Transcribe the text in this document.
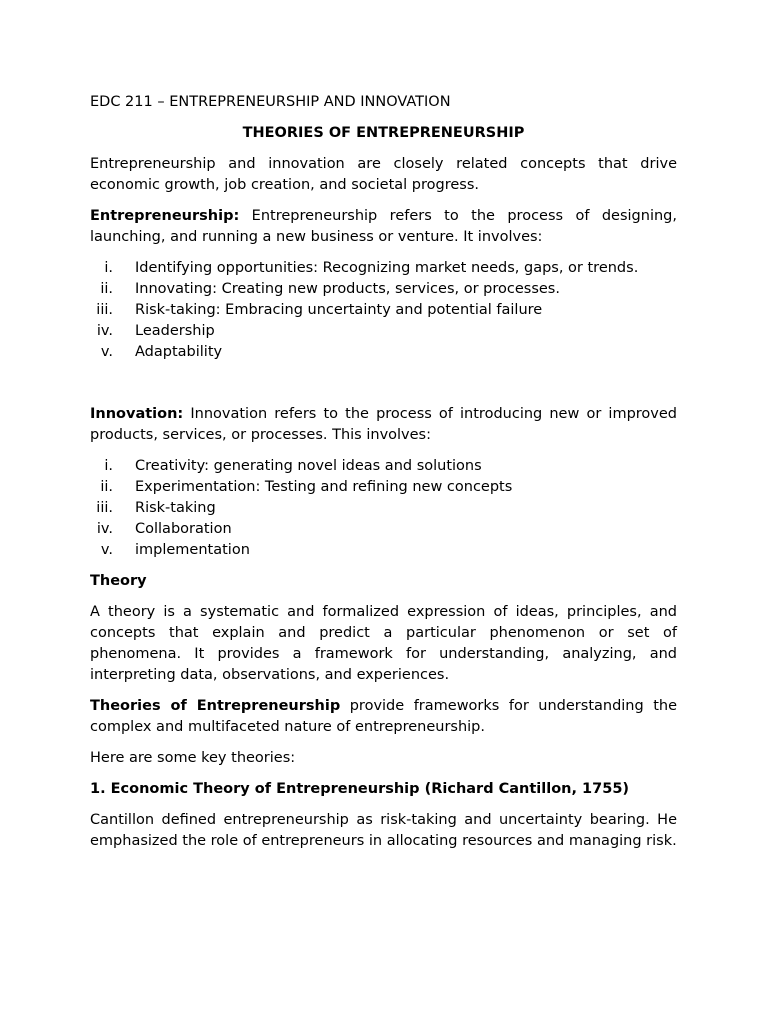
EDC 211 – ENTREPRENEURSHIP AND INNOVATION

THEORIES OF ENTREPRENEURSHIP

Entrepreneurship and innovation are closely related concepts that drive economic growth, job creation, and societal progress.

Entrepreneurship: Entrepreneurship refers to the process of designing, launching, and running a new business or venture. It involves:

i.	Identifying opportunities: Recognizing market needs, gaps, or trends.
ii.	Innovating: Creating new products, services, or processes.
iii.	Risk-taking: Embracing uncertainty and potential failure
iv.	Leadership
v.	Adaptability

Innovation: Innovation refers to the process of introducing new or improved products, services, or processes. This involves:

i.	Creativity: generating novel ideas and solutions
ii.	Experimentation: Testing and refining new concepts
iii.	Risk-taking
iv.	Collaboration
v.	implementation

Theory

A theory is a systematic and formalized expression of ideas, principles, and concepts that explain and predict a particular phenomenon or set of phenomena. It provides a framework for understanding, analyzing, and interpreting data, observations, and experiences.

Theories of Entrepreneurship provide frameworks for understanding the complex and multifaceted nature of entrepreneurship.

Here are some key theories:

1. Economic Theory of Entrepreneurship (Richard Cantillon, 1755)

Cantillon defined entrepreneurship as risk-taking and uncertainty bearing. He emphasized the role of entrepreneurs in allocating resources and managing risk.
